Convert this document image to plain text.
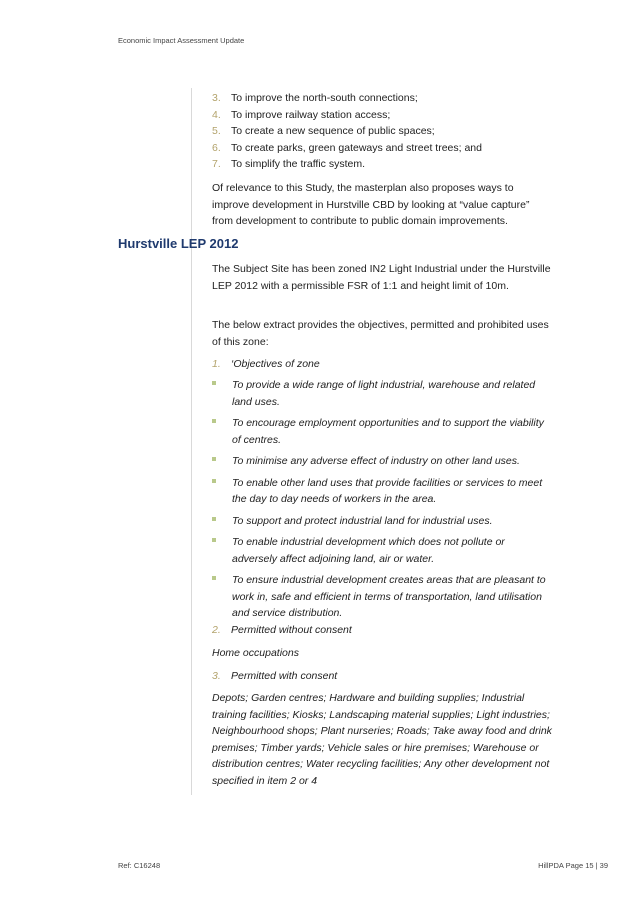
Economic Impact Assessment Update
3. To improve the north-south connections;
4. To improve railway station access;
5. To create a new sequence of public spaces;
6. To create parks, green gateways and street trees; and
7. To simplify the traffic system.

Of relevance to this Study, the masterplan also proposes ways to improve development in Hurstville CBD by looking at “value capture” from development to contribute to public domain improvements.

Hurstville LEP 2012

The Subject Site has been zoned IN2 Light Industrial under the Hurstville LEP 2012 with a permissible FSR of 1:1 and height limit of 10m.

The below extract provides the objectives, permitted and prohibited uses of this zone:

1. ‘Objectives of zone
To provide a wide range of light industrial, warehouse and related land uses.
To encourage employment opportunities and to support the viability of centres.
To minimise any adverse effect of industry on other land uses.
To enable other land uses that provide facilities or services to meet the day to day needs of workers in the area.
To support and protect industrial land for industrial uses.
To enable industrial development which does not pollute or adversely affect adjoining land, air or water.
To ensure industrial development creates areas that are pleasant to work in, safe and efficient in terms of transportation, land utilisation and service distribution.
2. Permitted without consent
Home occupations
3. Permitted with consent

Depots; Garden centres; Hardware and building supplies; Industrial training facilities; Kiosks; Landscaping material supplies; Light industries; Neighbourhood shops; Plant nurseries; Roads; Take away food and drink premises; Timber yards; Vehicle sales or hire premises; Warehouse or distribution centres; Water recycling facilities; Any other development not specified in item 2 or 4

Ref: C16248	HillPDA Page 15 | 39
